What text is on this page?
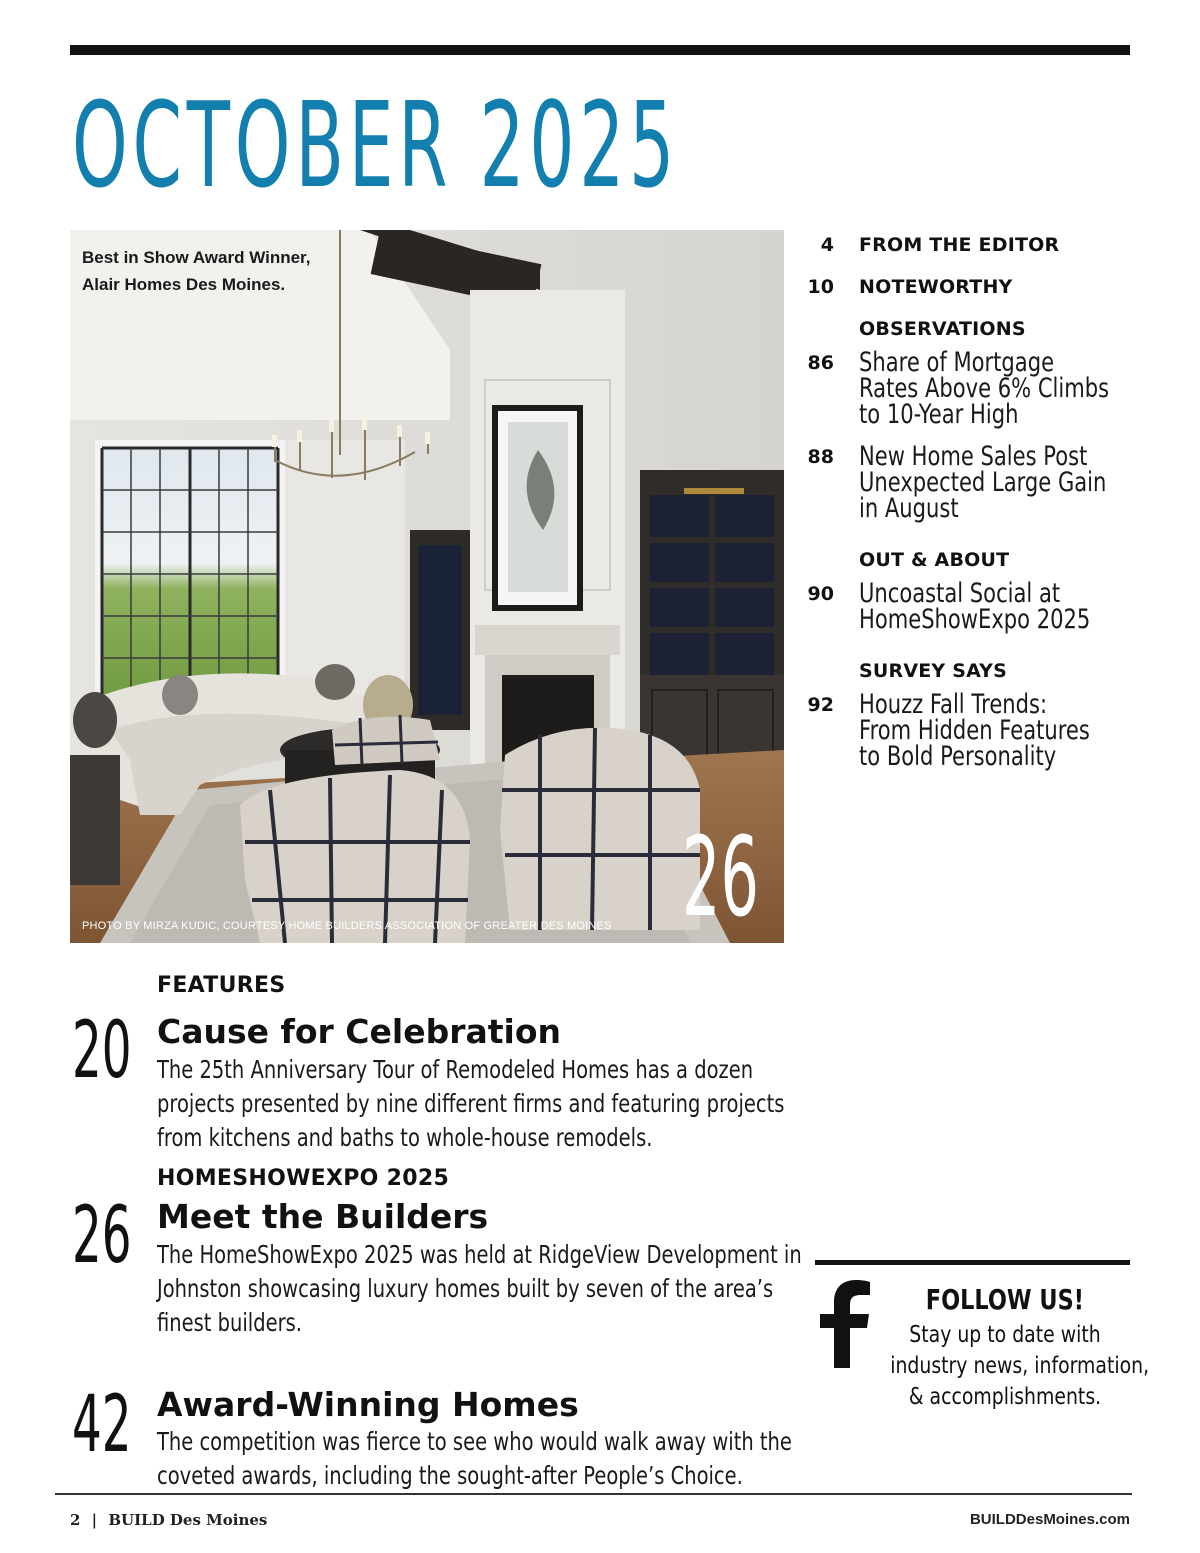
OCTOBER 2025
Best in Show Award Winner,
Alair Homes Des Moines.
PHOTO BY MIRZA KUDIC, COURTESY HOME BUILDERS ASSOCIATION OF GREATER DES MOINES 26
4 FROM THE EDITOR
10 NOTEWORTHY
OBSERVATIONS
86 Share of Mortgage
Rates Above 6% Climbs
to 10-Year High
88 New Home Sales Post
Unexpected Large Gain
in August
OUT & ABOUT
90 Uncoastal Social at
HomeShowExpo 2025
SURVEY SAYS
92 Houzz Fall Trends:
From Hidden Features
to Bold Personality
FEATURES
20 Cause for Celebration
The 25th Anniversary Tour of Remodeled Homes has a dozen
projects presented by nine different firms and featuring projects
from kitchens and baths to whole-house remodels.
HOMESHOWEXPO 2025
26 Meet the Builders
The HomeShowExpo 2025 was held at RidgeView Development in
Johnston showcasing luxury homes built by seven of the area’s
finest builders.
42 Award-Winning Homes
The competition was fierce to see who would walk away with the
coveted awards, including the sought-after People’s Choice.
FOLLOW US!
Stay up to date with
industry news, information,
& accomplishments.
2 | BUILD Des Moines	BUILDDesMoines.com
